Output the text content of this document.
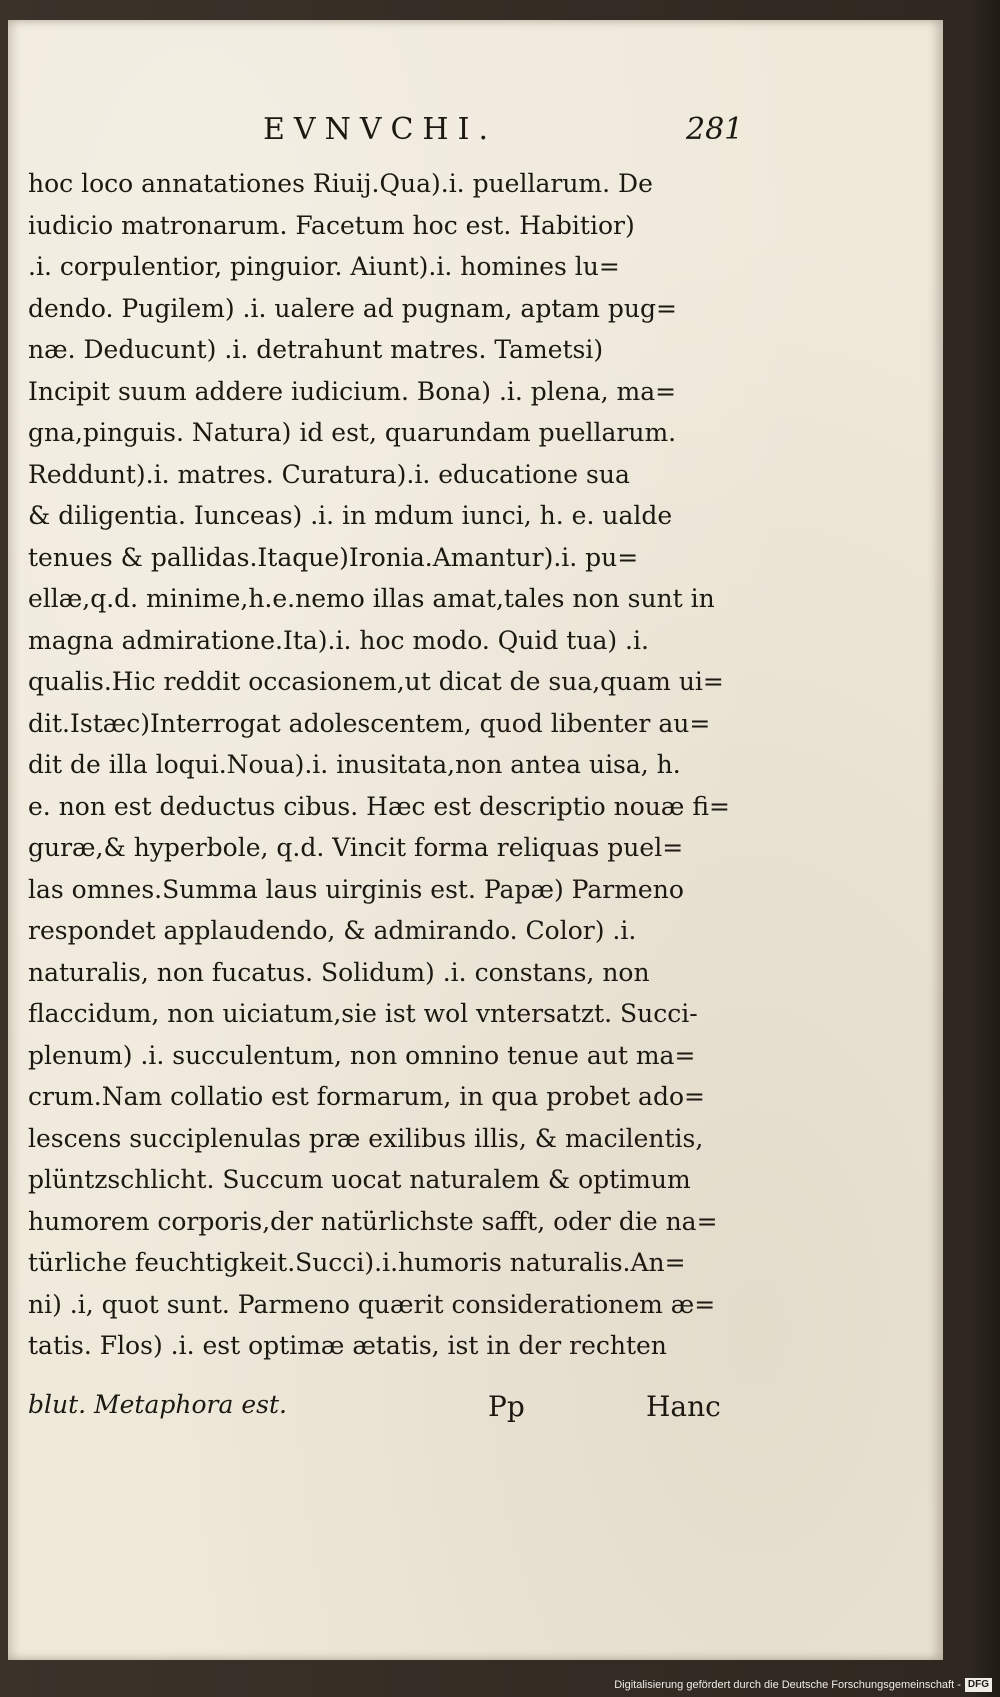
EVNVCHI.	281
hoc loco annatationes Riuij.Qua).i. puellarum. De
iudicio matronarum. Facetum hoc est. Habitior)
.i. corpulentior, pinguior. Aiunt).i. homines lu=
dendo. Pugilem) .i. ualere ad pugnam, aptam pug=
næ. Deducunt) .i. detrahunt matres. Tametsi)
Incipit suum addere iudicium. Bona) .i. plena, ma=
gna,pinguis. Natura) id est, quarundam puellarum.
Reddunt).i. matres. Curatura).i. educatione sua
& diligentia. Iunceas) .i. in mdum iunci, h. e. ualde
tenues & pallidas.Itaque)Ironia.Amantur).i. pu=
ellæ,q.d. minime,h.e.nemo illas amat,tales non sunt in
magna admiratione.Ita).i. hoc modo. Quid tua) .i.
qualis.Hic reddit occasionem,ut dicat de sua,quam ui=
dit.Istæc)Interrogat adolescentem, quod libenter au=
dit de illa loqui.Noua).i. inusitata,non antea uisa, h.
e. non est deductus cibus. Hæc est descriptio nouæ fi=
guræ,& hyperbole, q.d. Vincit forma reliquas puel=
las omnes.Summa laus uirginis est. Papæ) Parmeno
respondet applaudendo, & admirando. Color) .i.
naturalis, non fucatus. Solidum) .i. constans, non
flaccidum, non uiciatum,sie ist wol vntersatzt. Succi-
plenum) .i. succulentum, non omnino tenue aut ma=
crum.Nam collatio est formarum, in qua probet ado=
lescens succiplenulas præ exilibus illis, & macilentis,
plüntzschlicht. Succum uocat naturalem & optimum
humorem corporis,der natürlichste safft, oder die na=
türliche feuchtigkeit.Succi).i.humoris naturalis.An=
ni) .i, quot sunt. Parmeno quærit considerationem æ=
tatis. Flos) .i. est optimæ ætatis, ist in der rechten
blut. Metaphora est.	Pp	Hanc
Digitalisierung gefördert durch die Deutsche Forschungsgemeinschaft - DFG
